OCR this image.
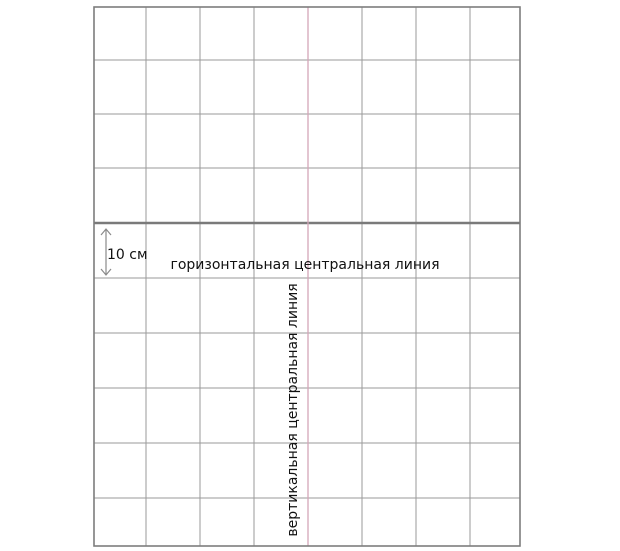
10 см
горизонтальная центральная линия
вертикальная центральная линия
